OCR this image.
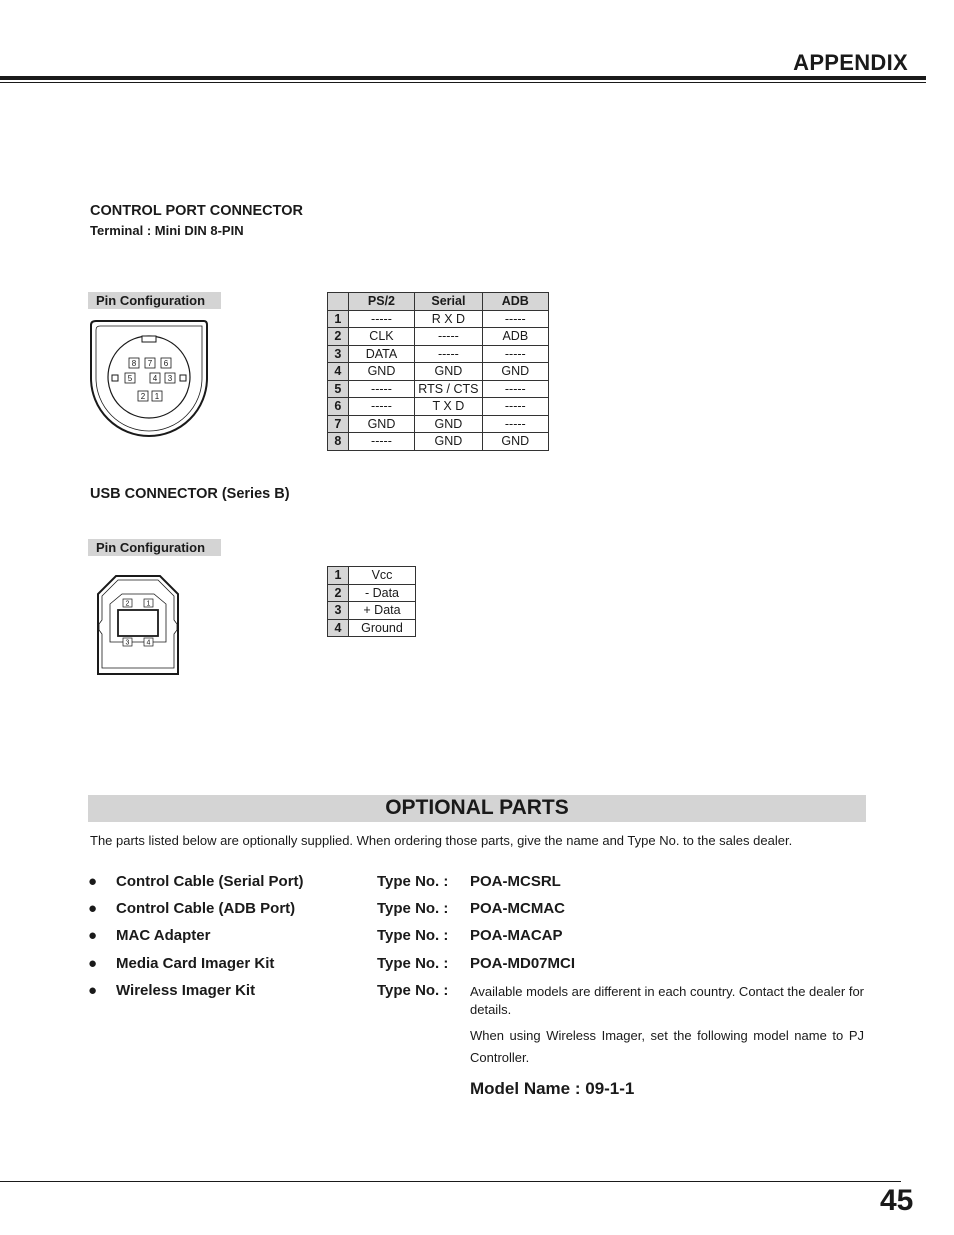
APPENDIX
CONTROL PORT CONNECTOR
Terminal : Mini DIN 8-PIN
Pin Configuration
8 7 6
5	4 3
2 1
	PS/2	Serial	ADB
1	-----	R X D	-----
2	CLK	-----	ADB
3	DATA	-----	-----
4	GND	GND	GND
5	-----	RTS / CTS	-----
6	-----	T X D	-----
7	GND	GND	-----
8	-----	GND	GND
USB CONNECTOR (Series B)
Pin Configuration
2 1
3 4
1	Vcc
2	- Data
3	+ Data
4	Ground
OPTIONAL PARTS
The parts listed below are optionally supplied. When ordering those parts, give the name and Type No. to the sales dealer.
● Control Cable (Serial Port)	Type No. : POA-MCSRL
● Control Cable (ADB Port)	Type No. : POA-MCMAC
● MAC Adapter	Type No. : POA-MACAP
● Media Card Imager Kit	Type No. : POA-MD07MCI
● Wireless Imager Kit	Type No. : Available models are different in each country. Contact the dealer for details.
When using Wireless Imager, set the following model name to PJ Controller.
Model Name : 09-1-1
45
